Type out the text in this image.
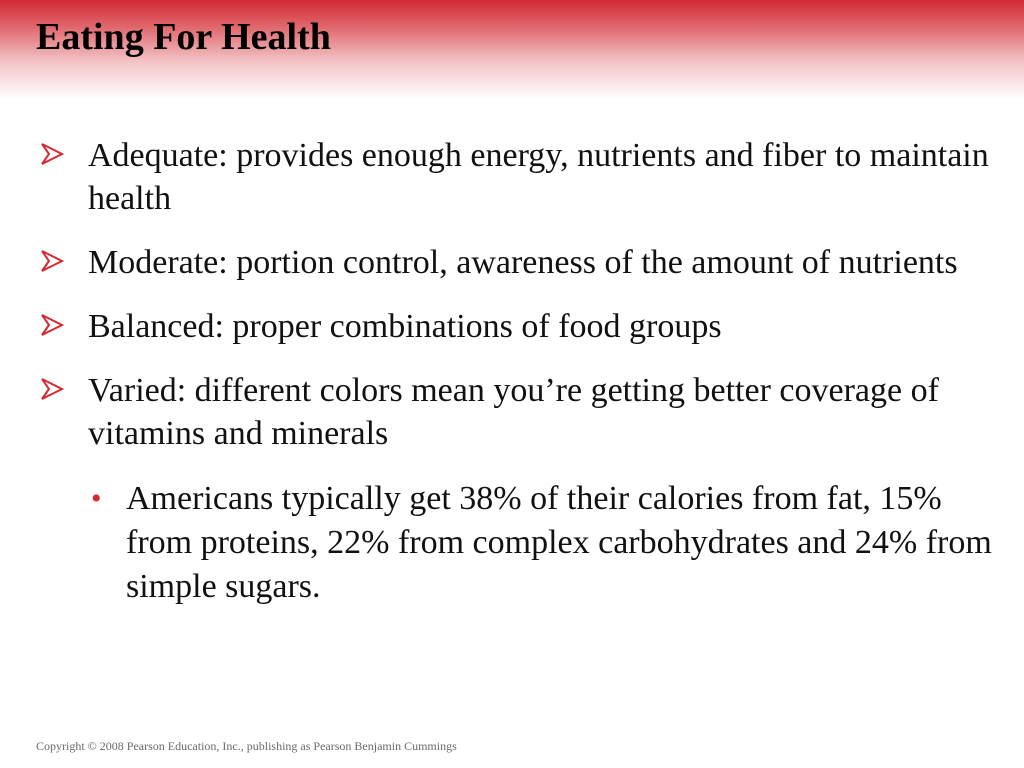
Eating For Health
Adequate: provides enough energy, nutrients and fiber to maintain health
Moderate: portion control, awareness of the amount of nutrients
Balanced: proper combinations of food groups
Varied: different colors mean you’re getting better coverage of vitamins and minerals
• Americans typically get 38% of their calories from fat, 15% from proteins, 22% from complex carbohydrates and 24% from simple sugars.
Copyright © 2008 Pearson Education, Inc., publishing as Pearson Benjamin Cummings
